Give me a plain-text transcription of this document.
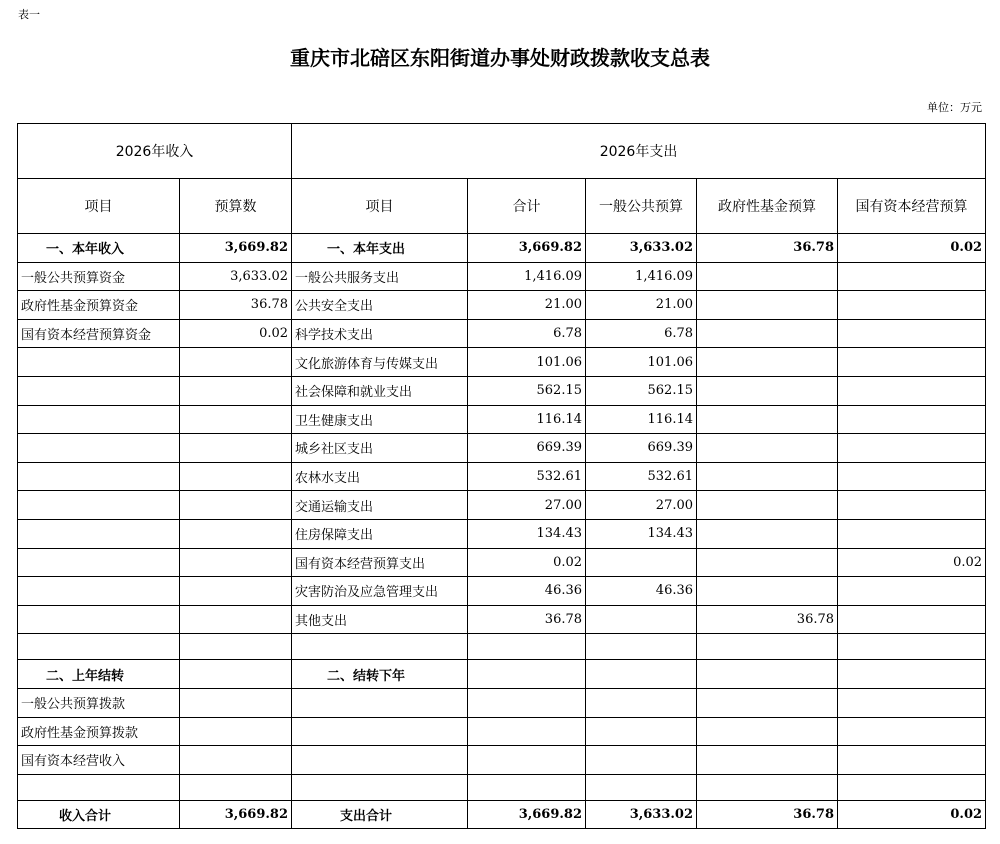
表一
重庆市北碚区东阳街道办事处财政拨款收支总表
单位：万元
2026年收入		2026年支出				
项目	预算数	项目	合计	一般公共预算	政府性基金预算	国有资本经营预算
一、本年收入	3,669.82	一、本年支出	3,669.82	3,633.02	36.78	0.02
一般公共预算资金	3,633.02	一般公共服务支出	1,416.09	1,416.09		
政府性基金预算资金	36.78	公共安全支出	21.00	21.00		
国有资本经营预算资金	0.02	科学技术支出	6.78	6.78		
		文化旅游体育与传媒支出	101.06	101.06		
		社会保障和就业支出	562.15	562.15		
		卫生健康支出	116.14	116.14		
		城乡社区支出	669.39	669.39		
		农林水支出	532.61	532.61		
		交通运输支出	27.00	27.00		
		住房保障支出	134.43	134.43		
		国有资本经营预算支出	0.02			0.02
		灾害防治及应急管理支出	46.36	46.36		
		其他支出	36.78		36.78	

二、上年结转		二、结转下年				
一般公共预算拨款						
政府性基金预算拨款						
国有资本经营收入						

收入合计	3,669.82	支出合计	3,669.82	3,633.02	36.78	0.02
